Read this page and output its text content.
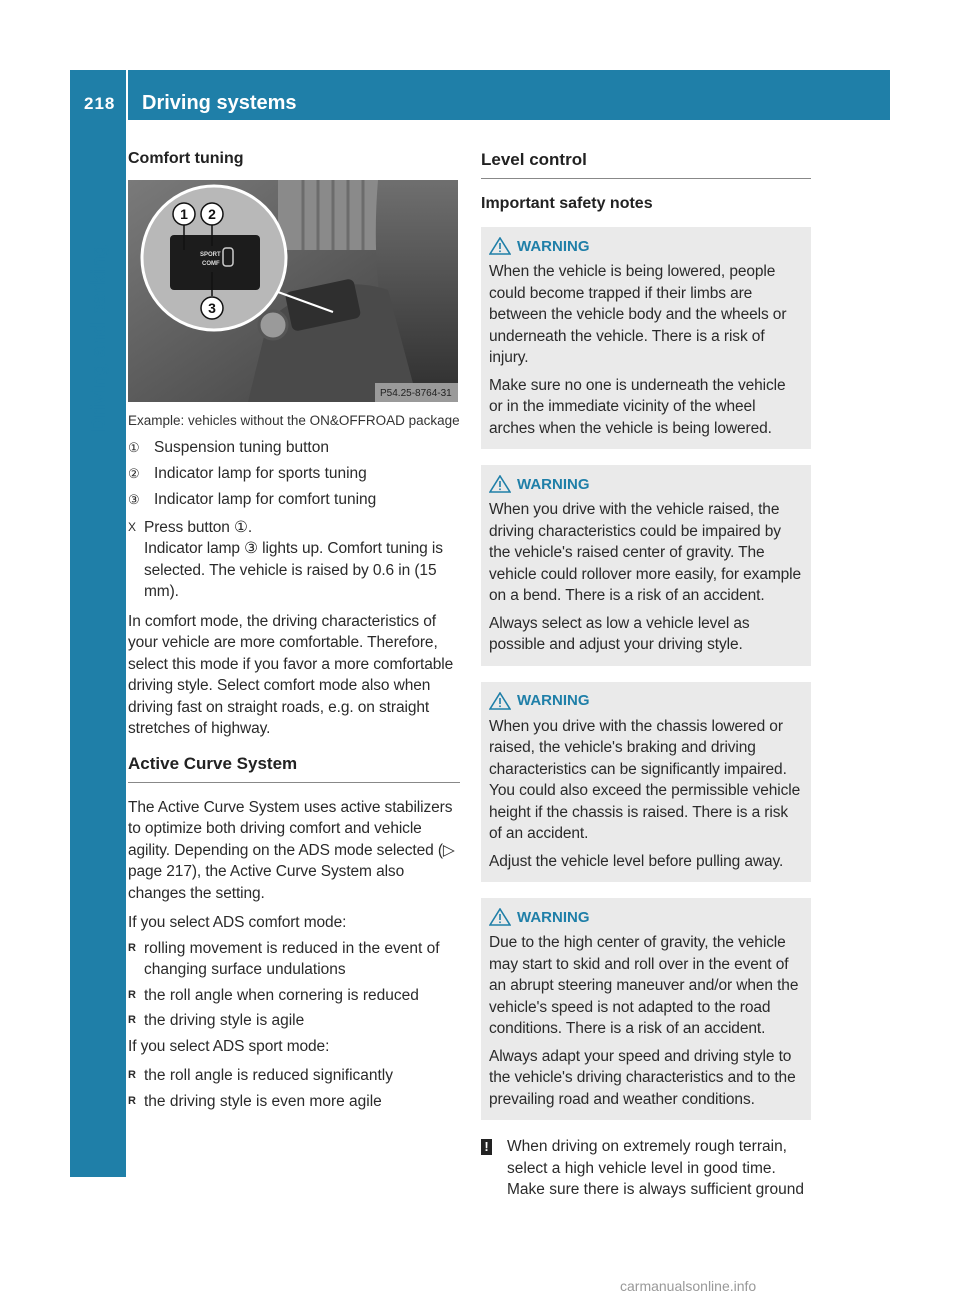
218	Driving systems
Driving and parking
Comfort tuning
SPORT
COMF
1 2
3
P54.25-8764-31
Example: vehicles without the ON&OFFROAD package
① Suspension tuning button
② Indicator lamp for sports tuning
③ Indicator lamp for comfort tuning
X Press button ①.
Indicator lamp ③ lights up. Comfort tuning is selected. The vehicle is raised by 0.6 in (15 mm).
In comfort mode, the driving characteristics of your vehicle are more comfortable. Therefore, select this mode if you favor a more comfortable driving style. Select comfort mode also when driving fast on straight roads, e.g. on straight stretches of highway.
Active Curve System
The Active Curve System uses active stabilizers to optimize both driving comfort and vehicle agility. Depending on the ADS mode selected (▷ page 217), the Active Curve System also changes the setting.
If you select ADS comfort mode:
R rolling movement is reduced in the event of changing surface undulations
R the roll angle when cornering is reduced
R the driving style is agile
If you select ADS sport mode:
R the roll angle is reduced significantly
R the driving style is even more agile
Level control
Important safety notes
WARNING
When the vehicle is being lowered, people could become trapped if their limbs are between the vehicle body and the wheels or underneath the vehicle. There is a risk of injury.
Make sure no one is underneath the vehicle or in the immediate vicinity of the wheel arches when the vehicle is being lowered.
WARNING
When you drive with the vehicle raised, the driving characteristics could be impaired by the vehicle's raised center of gravity. The vehicle could rollover more easily, for example on a bend. There is a risk of an accident.
Always select as low a vehicle level as possible and adjust your driving style.
WARNING
When you drive with the chassis lowered or raised, the vehicle's braking and driving characteristics can be significantly impaired. You could also exceed the permissible vehicle height if the chassis is raised. There is a risk of an accident.
Adjust the vehicle level before pulling away.
WARNING
Due to the high center of gravity, the vehicle may start to skid and roll over in the event of an abrupt steering maneuver and/or when the vehicle's speed is not adapted to the road conditions. There is a risk of an accident.
Always adapt your speed and driving style to the vehicle's driving characteristics and to the prevailing road and weather conditions.
!	When driving on extremely rough terrain, select a high vehicle level in good time. Make sure there is always sufficient ground
carmanualsonline.info
